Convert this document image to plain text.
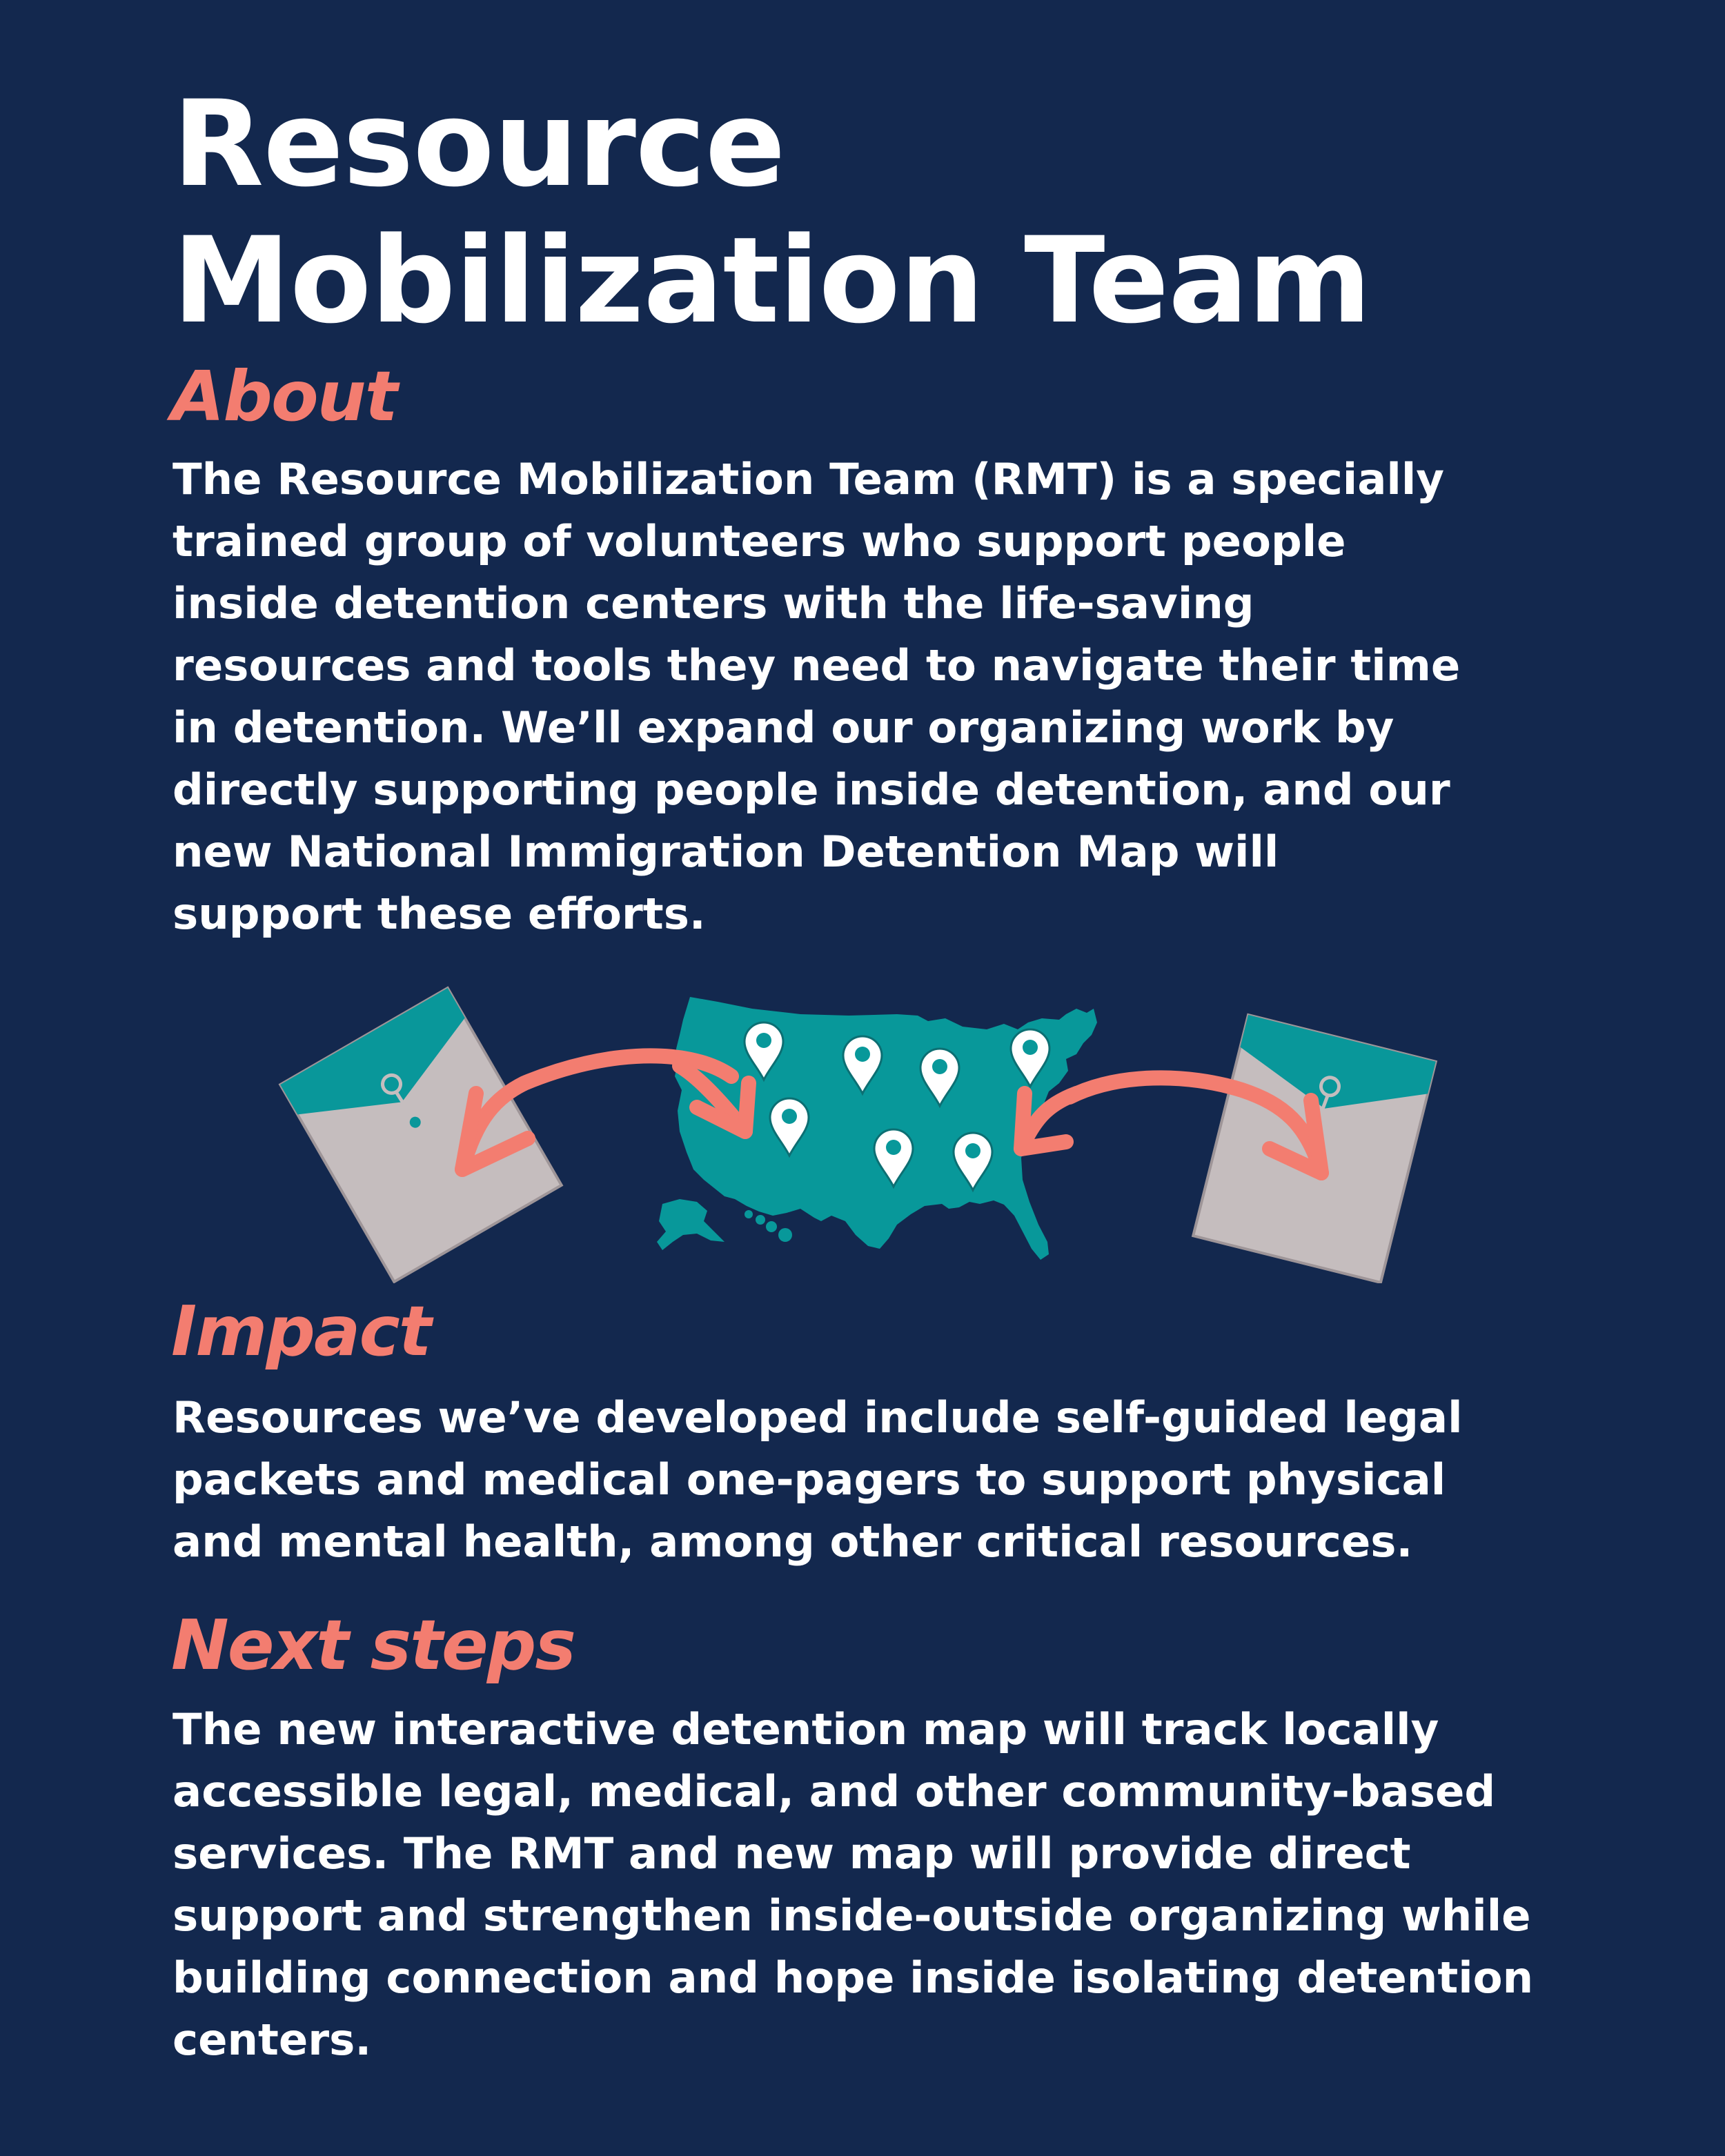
Resource
Mobilization Team
About
The Resource Mobilization Team (RMT) is a specially
trained group of volunteers who support people
inside detention centers with the life-saving
resources and tools they need to navigate their time
in detention. We’ll expand our organizing work by
directly supporting people inside detention, and our
new National Immigration Detention Map will
support these efforts.
Impact
Resources we’ve developed include self-guided legal
packets and medical one-pagers to support physical
and mental health, among other critical resources.
Next steps
The new interactive detention map will track locally
accessible legal, medical, and other community-based
services. The RMT and new map will provide direct
support and strengthen inside-outside organizing while
building connection and hope inside isolating detention
centers.
